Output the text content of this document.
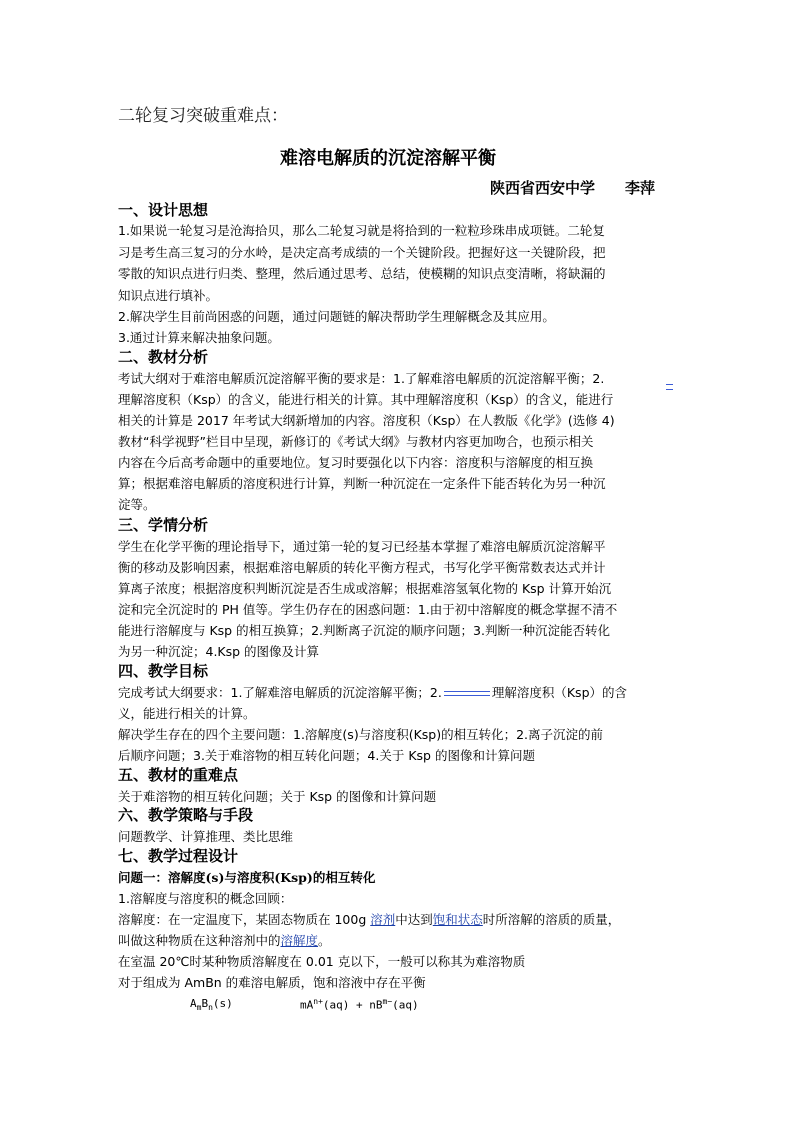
二轮复习突破重难点：
难溶电解质的沉淀溶解平衡
陕西省西安中学　　李萍
一、设计思想
1.如果说一轮复习是沧海拾贝，那么二轮复习就是将拾到的一粒粒珍珠串成项链。二轮复
习是考生高三复习的分水岭，是决定高考成绩的一个关键阶段。把握好这一关键阶段，把
零散的知识点进行归类、整理，然后通过思考、总结，使模糊的知识点变清晰，将缺漏的
知识点进行填补。
2.解决学生目前尚困惑的问题，通过问题链的解决帮助学生理解概念及其应用。
3.通过计算来解决抽象问题。
二、教材分析
考试大纲对于难溶电解质沉淀溶解平衡的要求是：1.了解难溶电解质的沉淀溶解平衡；2.
理解溶度积（Ksp）的含义，能进行相关的计算。其中理解溶度积（Ksp）的含义，能进行
相关的计算是 2017 年考试大纲新增加的内容。溶度积（Ksp）在人教版《化学》(选修 4)
教材“科学视野”栏目中呈现，新修订的《考试大纲》与教材内容更加吻合，也预示相关
内容在今后高考命题中的重要地位。复习时要强化以下内容：溶度积与溶解度的相互换
算；根据难溶电解质的溶度积进行计算，判断一种沉淀在一定条件下能否转化为另一种沉
淀等。
三、学情分析
学生在化学平衡的理论指导下，通过第一轮的复习已经基本掌握了难溶电解质沉淀溶解平
衡的移动及影响因素，根据难溶电解质的转化平衡方程式，书写化学平衡常数表达式并计
算离子浓度；根据溶度积判断沉淀是否生成或溶解；根据难溶氢氧化物的 Ksp 计算开始沉
淀和完全沉淀时的 PH 值等。学生仍存在的困惑问题：1.由于初中溶解度的概念掌握不清不
能进行溶解度与 Ksp 的相互换算；2.判断离子沉淀的顺序问题；3.判断一种沉淀能否转化
为另一种沉淀；4.Ksp 的图像及计算
四、教学目标
完成考试大纲要求：1.了解难溶电解质的沉淀溶解平衡；2.	理解溶度积（Ksp）的含
义，能进行相关的计算。
解决学生存在的四个主要问题：1.溶解度(s)与溶度积(Ksp)的相互转化；2.离子沉淀的前
后顺序问题；3.关于难溶物的相互转化问题；4.关于 Ksp 的图像和计算问题
五、教材的重难点
关于难溶物的相互转化问题；关于 Ksp 的图像和计算问题
六、教学策略与手段
问题教学、计算推理、类比思维
七、教学过程设计
问题一：溶解度(s)与溶度积(Ksp)的相互转化
1.溶解度与溶度积的概念回顾：
溶解度：在一定温度下，某固态物质在 100g 溶剂中达到饱和状态时所溶解的溶质的质量，
叫做这种物质在这种溶剂中的溶解度。
在室温 20℃时某种物质溶解度在 0.01 克以下，一般可以称其为难溶物质
对于组成为 AmBn 的难溶电解质，饱和溶液中存在平衡
$A_mB_n(s)$	$mA^{n+}(aq) + nB^{m-}(aq)$
